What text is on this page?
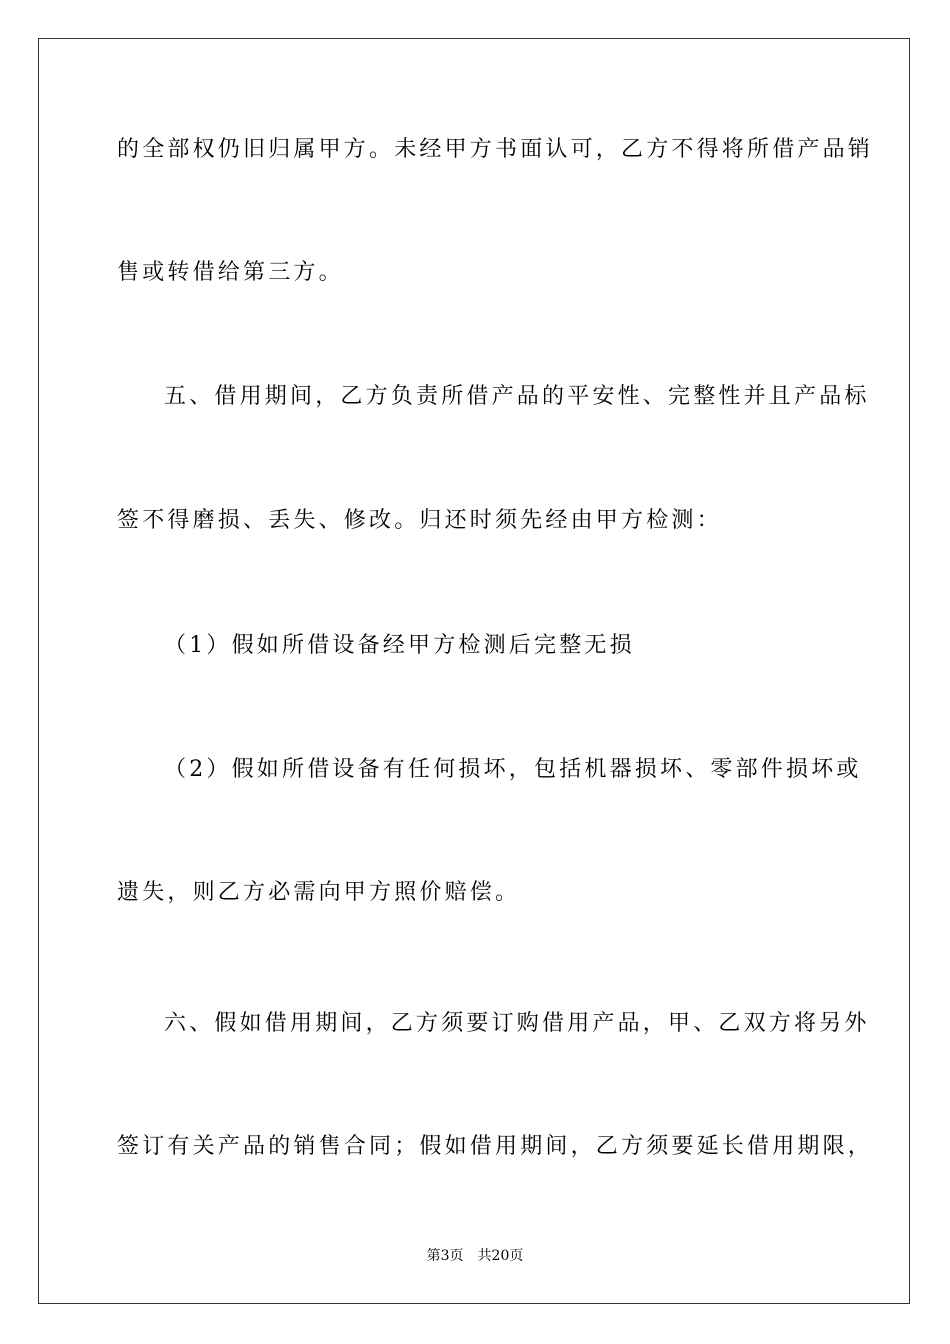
的全部权仍旧归属甲方。未经甲方书面认可，乙方不得将所借产品销
售或转借给第三方。
五、借用期间，乙方负责所借产品的平安性、完整性并且产品标
签不得磨损、丢失、修改。归还时须先经由甲方检测：
（1）假如所借设备经甲方检测后完整无损
（2）假如所借设备有任何损坏，包括机器损坏、零部件损坏或
遗失，则乙方必需向甲方照价赔偿。
六、假如借用期间，乙方须要订购借用产品，甲、乙双方将另外
签订有关产品的销售合同；假如借用期间，乙方须要延长借用期限，
第3页 共20页
